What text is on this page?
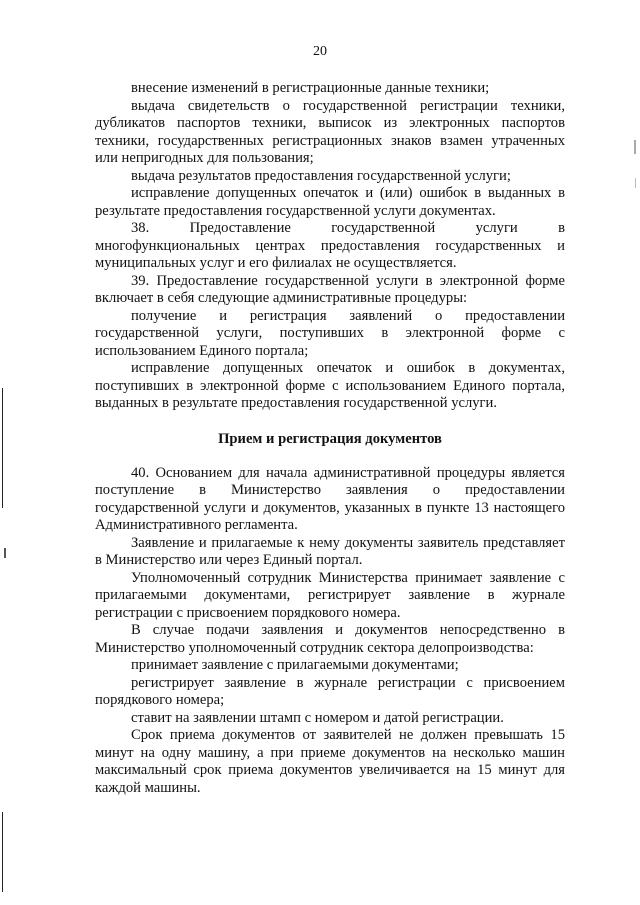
20

внесение изменений в регистрационные данные техники;

выдача свидетельств о государственной регистрации техники, дубликатов паспортов техники, выписок из электронных паспортов техники, государственных регистрационных знаков взамен утраченных или непригодных для пользования;

выдача результатов предоставления государственной услуги;

исправление допущенных опечаток и (или) ошибок в выданных в результате предоставления государственной услуги документах.

38. Предоставление государственной услуги в многофункциональных центрах предоставления государственных и муниципальных услуг и его филиалах не осуществляется.

39. Предоставление государственной услуги в электронной форме включает в себя следующие административные процедуры:

получение и регистрация заявлений о предоставлении государственной услуги, поступивших в электронной форме с использованием Единого портала;

исправление допущенных опечаток и ошибок в документах, поступивших в электронной форме с использованием Единого портала, выданных в результате предоставления государственной услуги.

Прием и регистрация документов

40. Основанием для начала административной процедуры является поступление в Министерство заявления о предоставлении государственной услуги и документов, указанных в пункте 13 настоящего Административного регламента.

Заявление и прилагаемые к нему документы заявитель представляет в Министерство или через Единый портал.

Уполномоченный сотрудник Министерства принимает заявление с прилагаемыми документами, регистрирует заявление в журнале регистрации с присвоением порядкового номера.

В случае подачи заявления и документов непосредственно в Министерство уполномоченный сотрудник сектора делопроизводства:

принимает заявление с прилагаемыми документами;

регистрирует заявление в журнале регистрации с присвоением порядкового номера;

ставит на заявлении штамп с номером и датой регистрации.

Срок приема документов от заявителей не должен превышать 15 минут на одну машину, а при приеме документов на несколько машин максимальный срок приема документов увеличивается на 15 минут для каждой машины.
